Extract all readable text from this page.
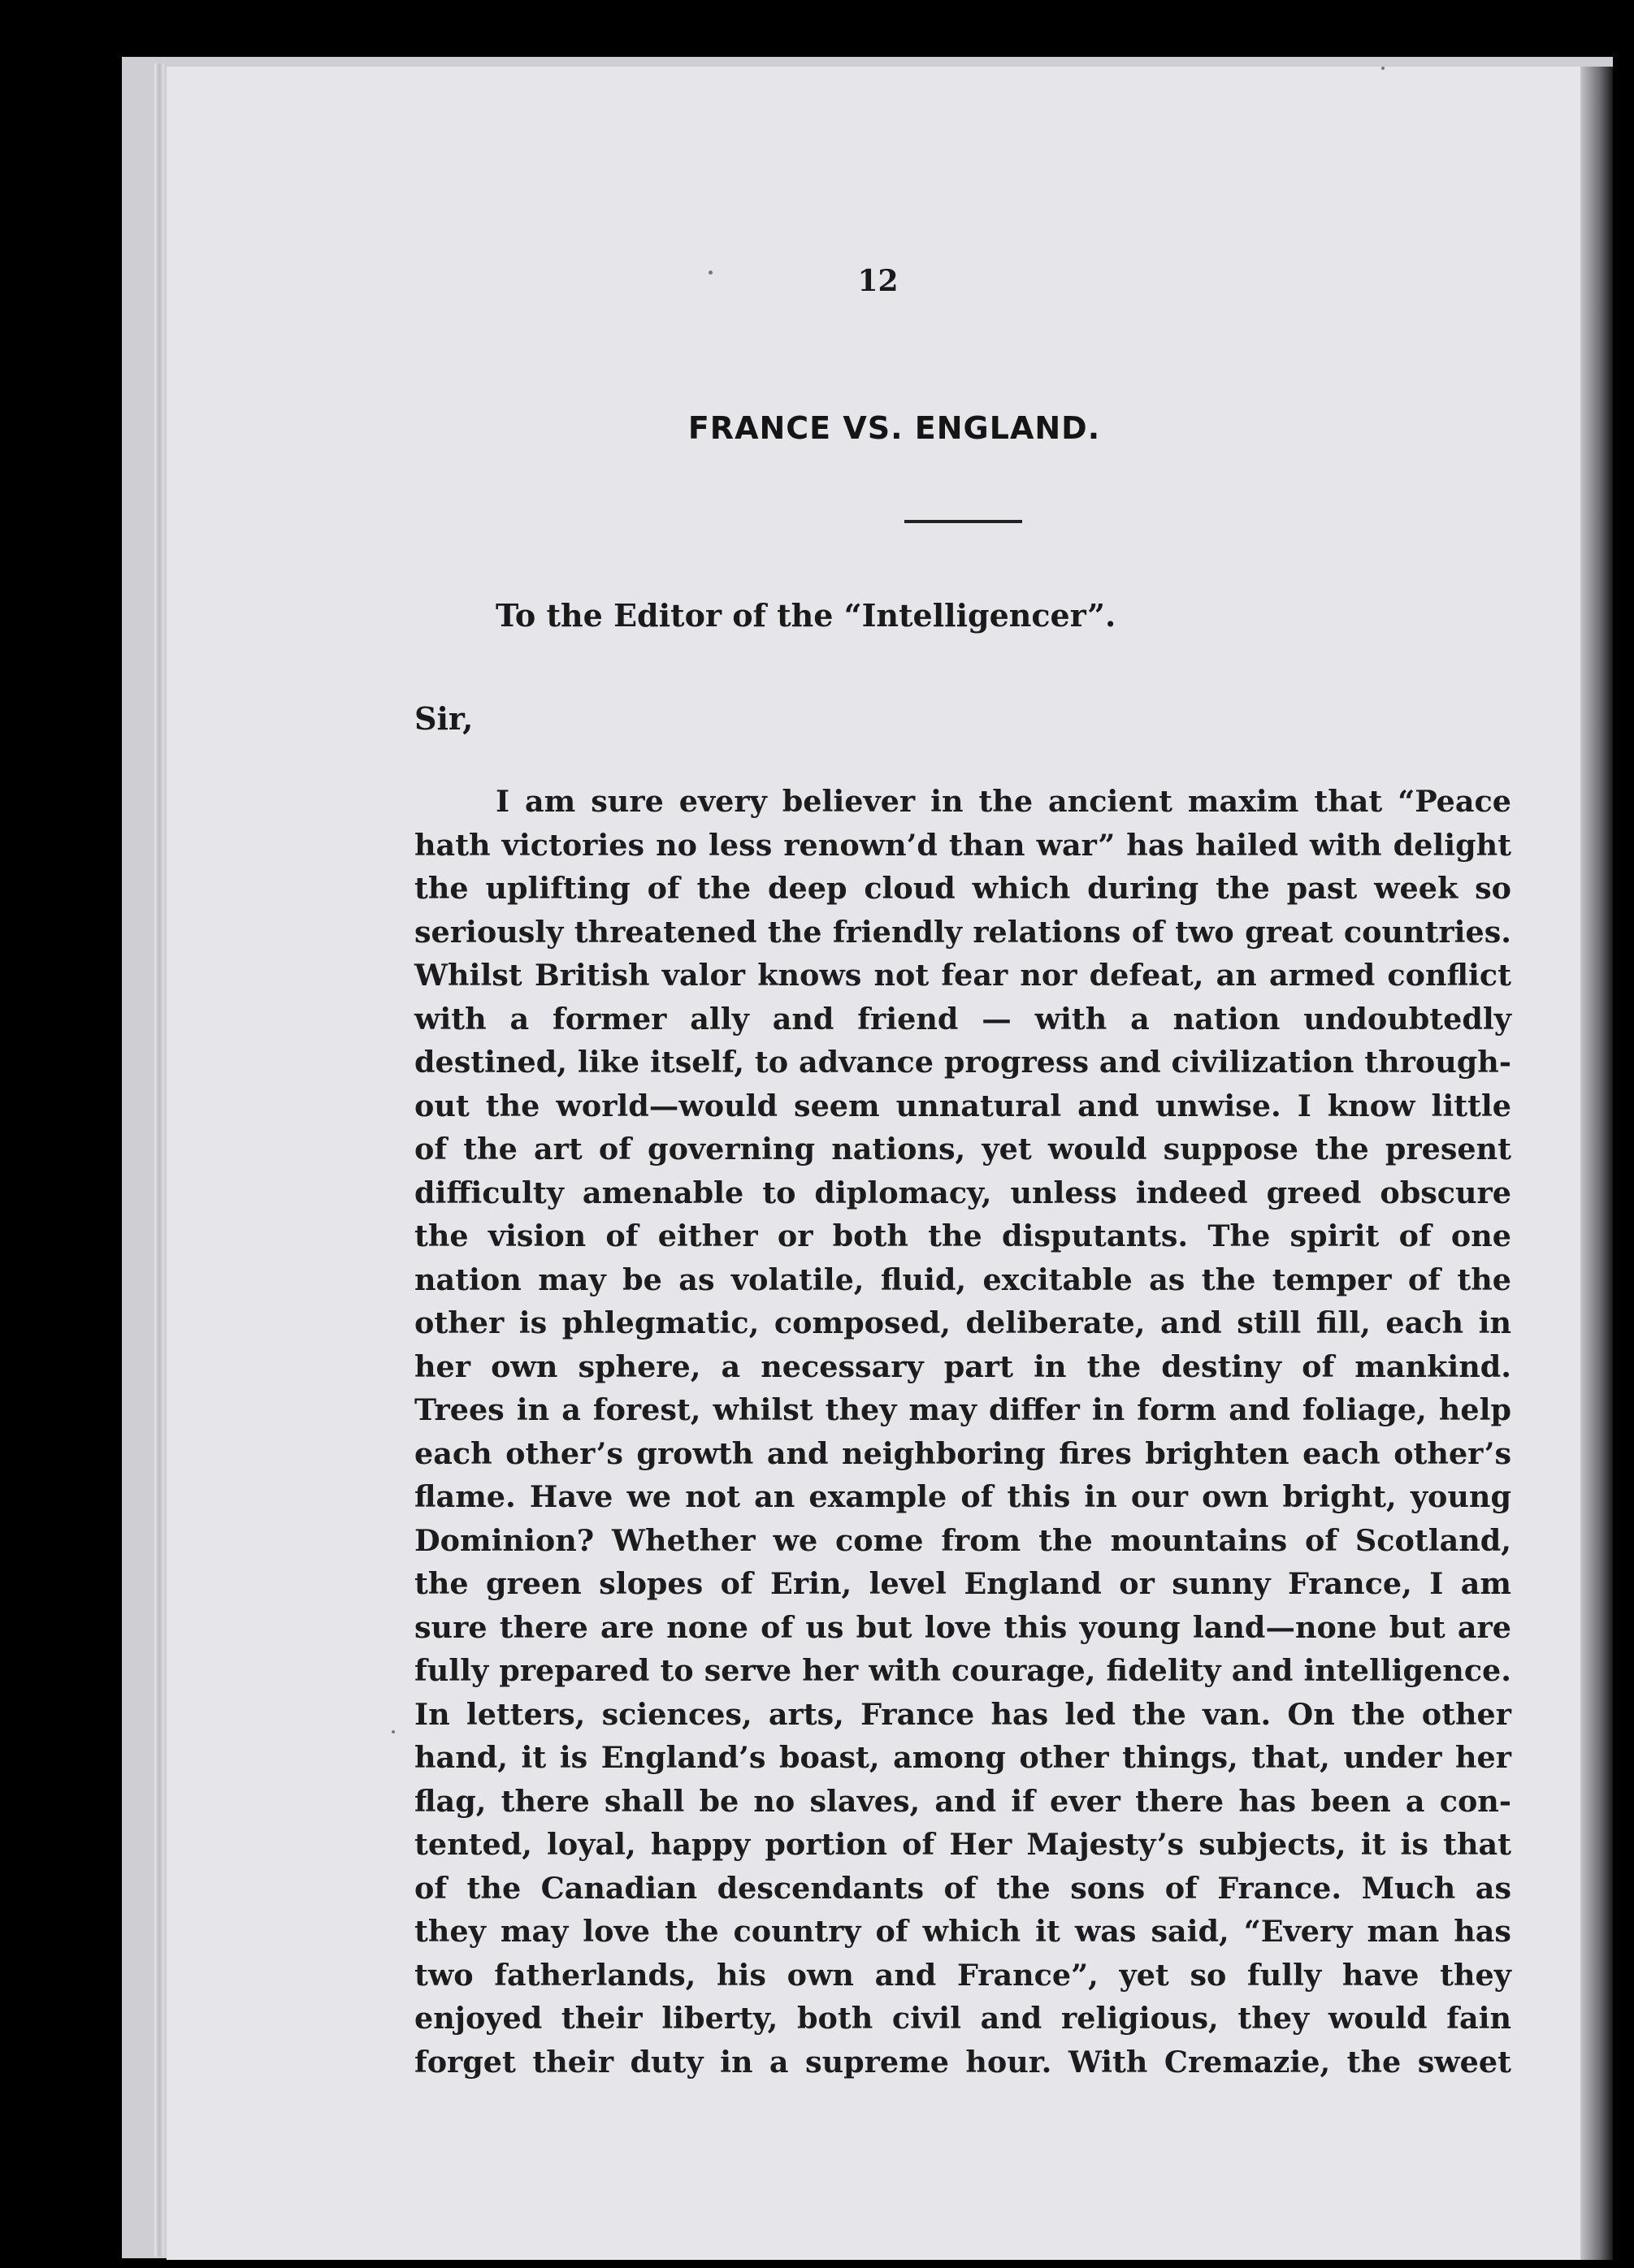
12
FRANCE VS. ENGLAND.
To the Editor of the “Intelligencer”.
Sir,
I am sure every believer in the ancient maxim that “Peace
hath victories no less renown’d than war” has hailed with delight
the uplifting of the deep cloud which during the past week so
seriously threatened the friendly relations of two great countries.
Whilst British valor knows not fear nor defeat, an armed conflict
with a former ally and friend — with a nation undoubtedly
destined, like itself, to advance progress and civilization through-
out the world—would seem unnatural and unwise. I know little
of the art of governing nations, yet would suppose the present
difficulty amenable to diplomacy, unless indeed greed obscure
the vision of either or both the disputants. The spirit of one
nation may be as volatile, fluid, excitable as the temper of the
other is phlegmatic, composed, deliberate, and still fill, each in
her own sphere, a necessary part in the destiny of mankind.
Trees in a forest, whilst they may differ in form and foliage, help
each other’s growth and neighboring fires brighten each other’s
flame. Have we not an example of this in our own bright, young
Dominion? Whether we come from the mountains of Scotland,
the green slopes of Erin, level England or sunny France, I am
sure there are none of us but love this young land—none but are
fully prepared to serve her with courage, fidelity and intelligence.
In letters, sciences, arts, France has led the van. On the other
hand, it is England’s boast, among other things, that, under her
flag, there shall be no slaves, and if ever there has been a con-
tented, loyal, happy portion of Her Majesty’s subjects, it is that
of the Canadian descendants of the sons of France. Much as
they may love the country of which it was said, “Every man has
two fatherlands, his own and France”, yet so fully have they
enjoyed their liberty, both civil and religious, they would fain
forget their duty in a supreme hour. With Cremazie, the sweet
